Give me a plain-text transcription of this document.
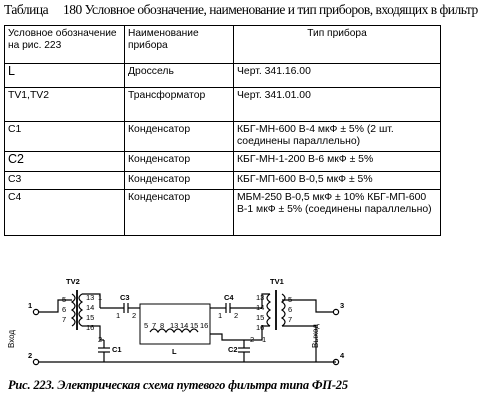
Таблица 180 Условное обозначение, наименование и тип приборов, входящих в фильтр
Условное обозначение на рис. 223	Наименование прибора	Тип прибора
L	Дроссель	Черт. 341.16.00
TV1,TV2	Трансформатор	Черт. 341.01.00
C1	Конденсатор	КБГ-МН-600 В-4 мкФ ± 5% (2 шт. соединены параллельно)
C2	Конденсатор	КБГ-МН-1-200 В-6 мкФ ± 5%
C3	Конденсатор	КБГ-МП-600 В-0,5 мкФ ± 5%
C4	Конденсатор	МБМ-250 В-0,5 мкФ ± 10% КБГ-МП-600 В-1 мкФ ± 5% (соединены параллельно)
1
2
Вход
TV2
5
6
7
13
14
15
16
1
2
C1
C3
1 2
5 7 8 13 14 15 16
L
C4
1 2
C2
TV1
13
14
15
16
5
6
7
1
2
3
4
Выход
Рис. 223. Электрическая схема путевого фильтра типа ФП-25
